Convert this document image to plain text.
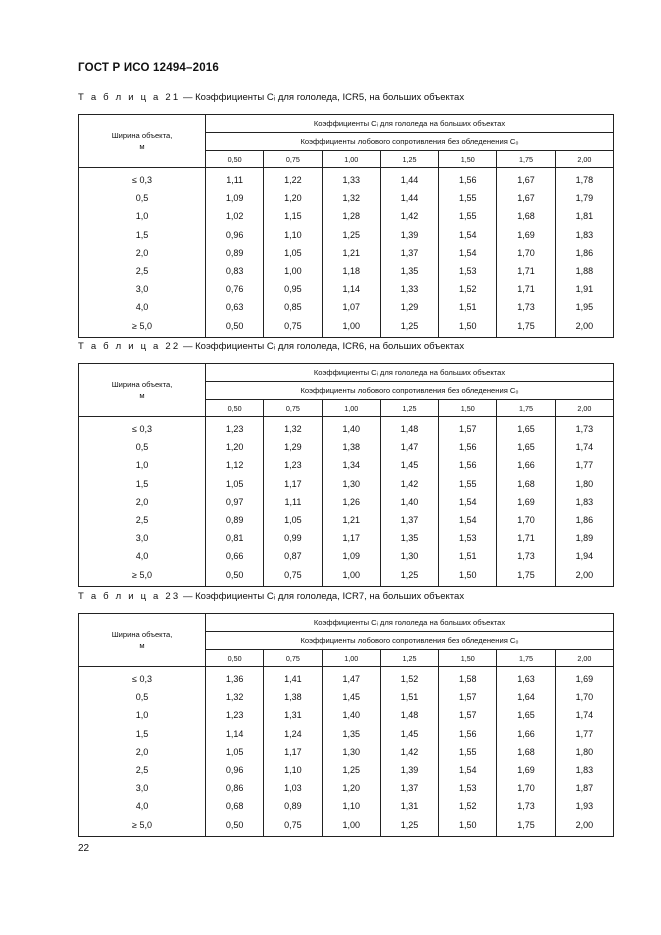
ГОСТ Р ИСО 12494–2016
Т а б л и ц а 21 — Коэффициенты Cᵢ для гололеда, ICR5, на больших объектах
Ширина объекта,
м	Коэффициенты Cᵢ для гололеда на больших объектах						
	Коэффициенты лобового сопротивления без обледенения C₀						
	0,50	0,75	1,00	1,25	1,50	1,75	2,00
≤ 0,3	1,11	1,22	1,33	1,44	1,56	1,67	1,78
0,5	1,09	1,20	1,32	1,44	1,55	1,67	1,79
1,0	1,02	1,15	1,28	1,42	1,55	1,68	1,81
1,5	0,96	1,10	1,25	1,39	1,54	1,69	1,83
2,0	0,89	1,05	1,21	1,37	1,54	1,70	1,86
2,5	0,83	1,00	1,18	1,35	1,53	1,71	1,88
3,0	0,76	0,95	1,14	1,33	1,52	1,71	1,91
4,0	0,63	0,85	1,07	1,29	1,51	1,73	1,95
≥ 5,0	0,50	0,75	1,00	1,25	1,50	1,75	2,00
Т а б л и ц а 22 — Коэффициенты Cᵢ для гололеда, ICR6, на больших объектах
Ширина объекта,
м	Коэффициенты Cᵢ для гололеда на больших объектах						
	Коэффициенты лобового сопротивления без обледенения C₀						
	0,50	0,75	1,00	1,25	1,50	1,75	2,00
≤ 0,3	1,23	1,32	1,40	1,48	1,57	1,65	1,73
0,5	1,20	1,29	1,38	1,47	1,56	1,65	1,74
1,0	1,12	1,23	1,34	1,45	1,56	1,66	1,77
1,5	1,05	1,17	1,30	1,42	1,55	1,68	1,80
2,0	0,97	1,11	1,26	1,40	1,54	1,69	1,83
2,5	0,89	1,05	1,21	1,37	1,54	1,70	1,86
3,0	0,81	0,99	1,17	1,35	1,53	1,71	1,89
4,0	0,66	0,87	1,09	1,30	1,51	1,73	1,94
≥ 5,0	0,50	0,75	1,00	1,25	1,50	1,75	2,00
Т а б л и ц а 23 — Коэффициенты Cᵢ для гололеда, ICR7, на больших объектах
Ширина объекта,
м	Коэффициенты Cᵢ для гололеда на больших объектах						
	Коэффициенты лобового сопротивления без обледенения C₀						
	0,50	0,75	1,00	1,25	1,50	1,75	2,00
≤ 0,3	1,36	1,41	1,47	1,52	1,58	1,63	1,69
0,5	1,32	1,38	1,45	1,51	1,57	1,64	1,70
1,0	1,23	1,31	1,40	1,48	1,57	1,65	1,74
1,5	1,14	1,24	1,35	1,45	1,56	1,66	1,77
2,0	1,05	1,17	1,30	1,42	1,55	1,68	1,80
2,5	0,96	1,10	1,25	1,39	1,54	1,69	1,83
3,0	0,86	1,03	1,20	1,37	1,53	1,70	1,87
4,0	0,68	0,89	1,10	1,31	1,52	1,73	1,93
≥ 5,0	0,50	0,75	1,00	1,25	1,50	1,75	2,00
22
